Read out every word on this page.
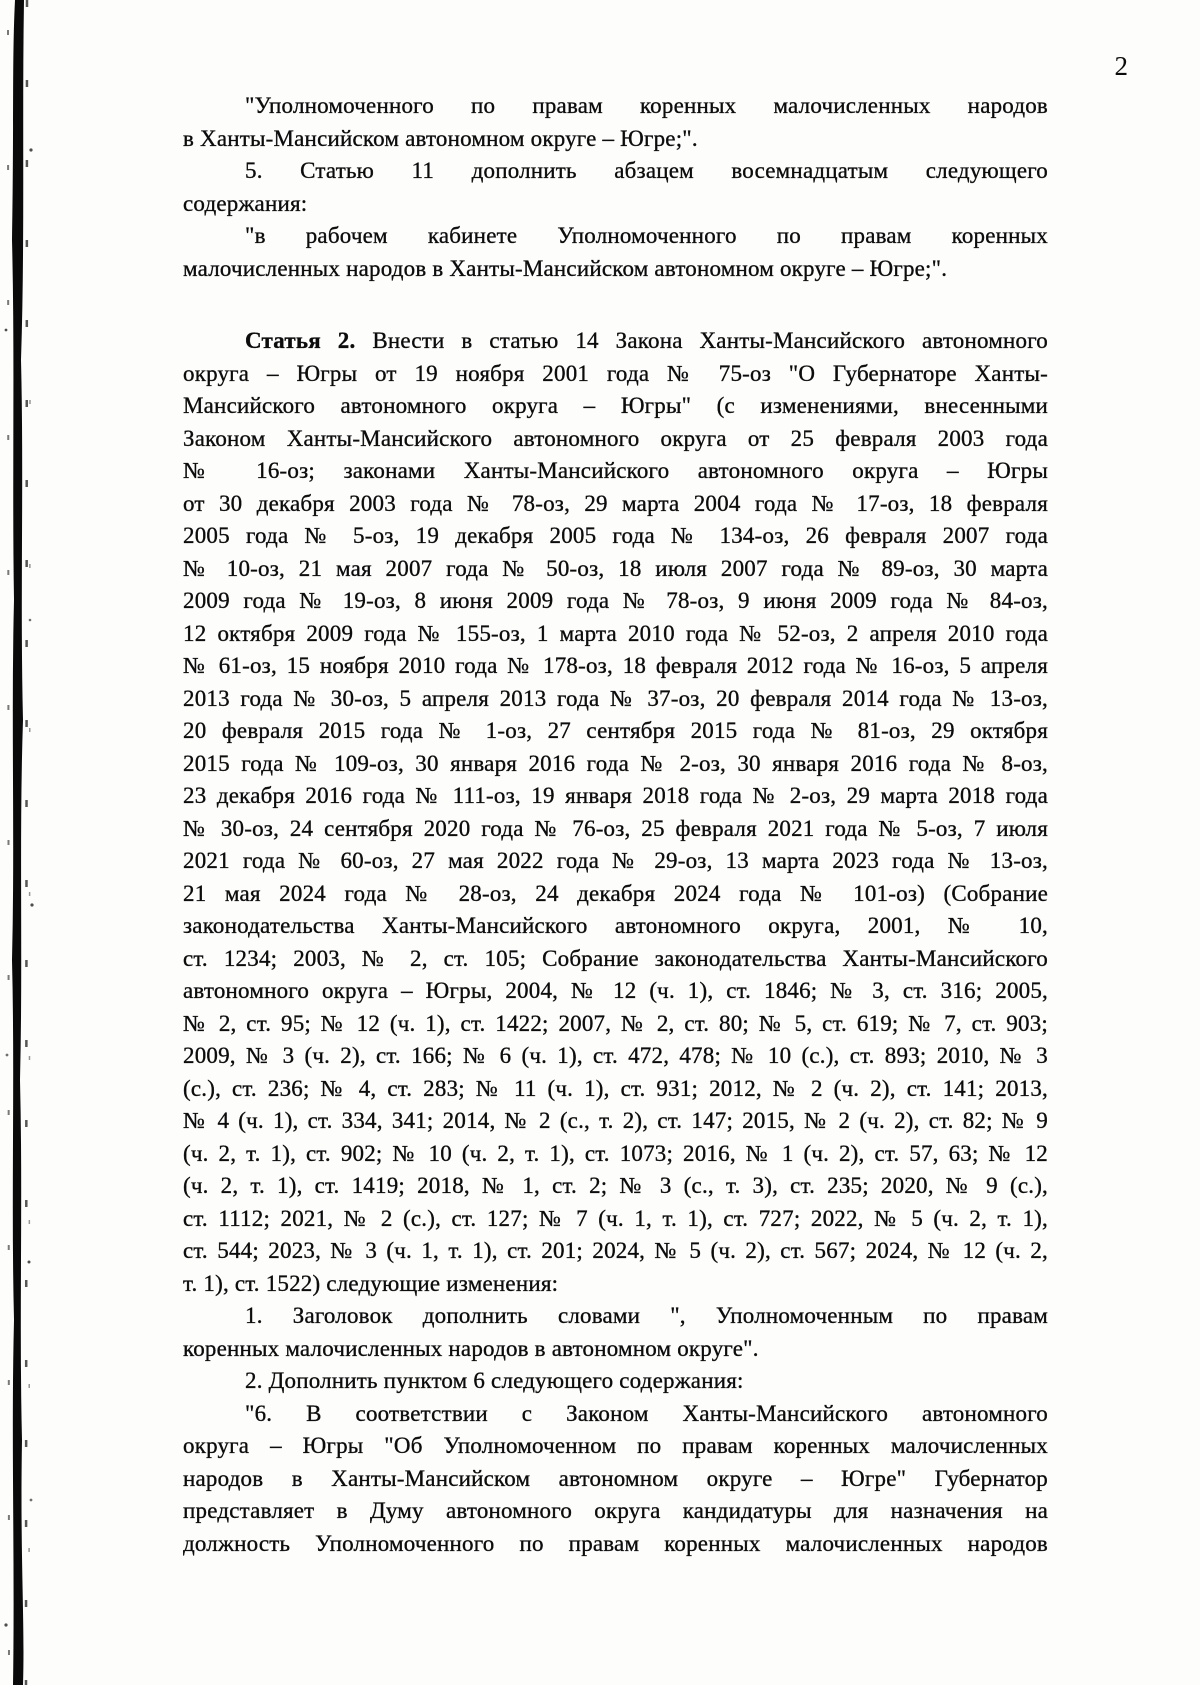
2
"Уполномоченного по правам коренных малочисленных народов
в Ханты-Мансийском автономном округе – Югре;".
5. Статью 11 дополнить абзацем восемнадцатым следующего
содержания:
"в рабочем кабинете Уполномоченного по правам коренных
малочисленных народов в Ханты-Мансийском автономном округе – Югре;".
Статья 2. Внести в статью 14 Закона Ханты-Мансийского автономного
округа – Югры от 19 ноября 2001 года № 75-оз "О Губернаторе Ханты-
Мансийского автономного округа – Югры" (с изменениями, внесенными
Законом Ханты-Мансийского автономного округа от 25 февраля 2003 года
№ 16-оз; законами Ханты-Мансийского автономного округа – Югры
от 30 декабря 2003 года № 78-оз, 29 марта 2004 года № 17-оз, 18 февраля
2005 года № 5-оз, 19 декабря 2005 года № 134-оз, 26 февраля 2007 года
№ 10-оз, 21 мая 2007 года № 50-оз, 18 июля 2007 года № 89-оз, 30 марта
2009 года № 19-оз, 8 июня 2009 года № 78-оз, 9 июня 2009 года № 84-оз,
12 октября 2009 года № 155-оз, 1 марта 2010 года № 52-оз, 2 апреля 2010 года
№ 61-оз, 15 ноября 2010 года № 178-оз, 18 февраля 2012 года № 16-оз, 5 апреля
2013 года № 30-оз, 5 апреля 2013 года № 37-оз, 20 февраля 2014 года № 13-оз,
20 февраля 2015 года № 1-оз, 27 сентября 2015 года № 81-оз, 29 октября
2015 года № 109-оз, 30 января 2016 года № 2-оз, 30 января 2016 года № 8-оз,
23 декабря 2016 года № 111-оз, 19 января 2018 года № 2-оз, 29 марта 2018 года
№ 30-оз, 24 сентября 2020 года № 76-оз, 25 февраля 2021 года № 5-оз, 7 июля
2021 года № 60-оз, 27 мая 2022 года № 29-оз, 13 марта 2023 года № 13-оз,
21 мая 2024 года № 28-оз, 24 декабря 2024 года № 101-оз) (Собрание
законодательства Ханты-Мансийского автономного округа, 2001, № 10,
ст. 1234; 2003, № 2, ст. 105; Собрание законодательства Ханты-Мансийского
автономного округа – Югры, 2004, № 12 (ч. 1), ст. 1846; № 3, ст. 316; 2005,
№ 2, ст. 95; № 12 (ч. 1), ст. 1422; 2007, № 2, ст. 80; № 5, ст. 619; № 7, ст. 903;
2009, № 3 (ч. 2), ст. 166; № 6 (ч. 1), ст. 472, 478; № 10 (с.), ст. 893; 2010, № 3
(с.), ст. 236; № 4, ст. 283; № 11 (ч. 1), ст. 931; 2012, № 2 (ч. 2), ст. 141; 2013,
№ 4 (ч. 1), ст. 334, 341; 2014, № 2 (с., т. 2), ст. 147; 2015, № 2 (ч. 2), ст. 82; № 9
(ч. 2, т. 1), ст. 902; № 10 (ч. 2, т. 1), ст. 1073; 2016, № 1 (ч. 2), ст. 57, 63; № 12
(ч. 2, т. 1), ст. 1419; 2018, № 1, ст. 2; № 3 (с., т. 3), ст. 235; 2020, № 9 (с.),
ст. 1112; 2021, № 2 (с.), ст. 127; № 7 (ч. 1, т. 1), ст. 727; 2022, № 5 (ч. 2, т. 1),
ст. 544; 2023, № 3 (ч. 1, т. 1), ст. 201; 2024, № 5 (ч. 2), ст. 567; 2024, № 12 (ч. 2,
т. 1), ст. 1522) следующие изменения:
1. Заголовок дополнить словами ", Уполномоченным по правам
коренных малочисленных народов в автономном округе".
2. Дополнить пунктом 6 следующего содержания:
"6. В соответствии с Законом Ханты-Мансийского автономного
округа – Югры "Об Уполномоченном по правам коренных малочисленных
народов в Ханты-Мансийском автономном округе – Югре" Губернатор
представляет в Думу автономного округа кандидатуры для назначения на
должность Уполномоченного по правам коренных малочисленных народов
